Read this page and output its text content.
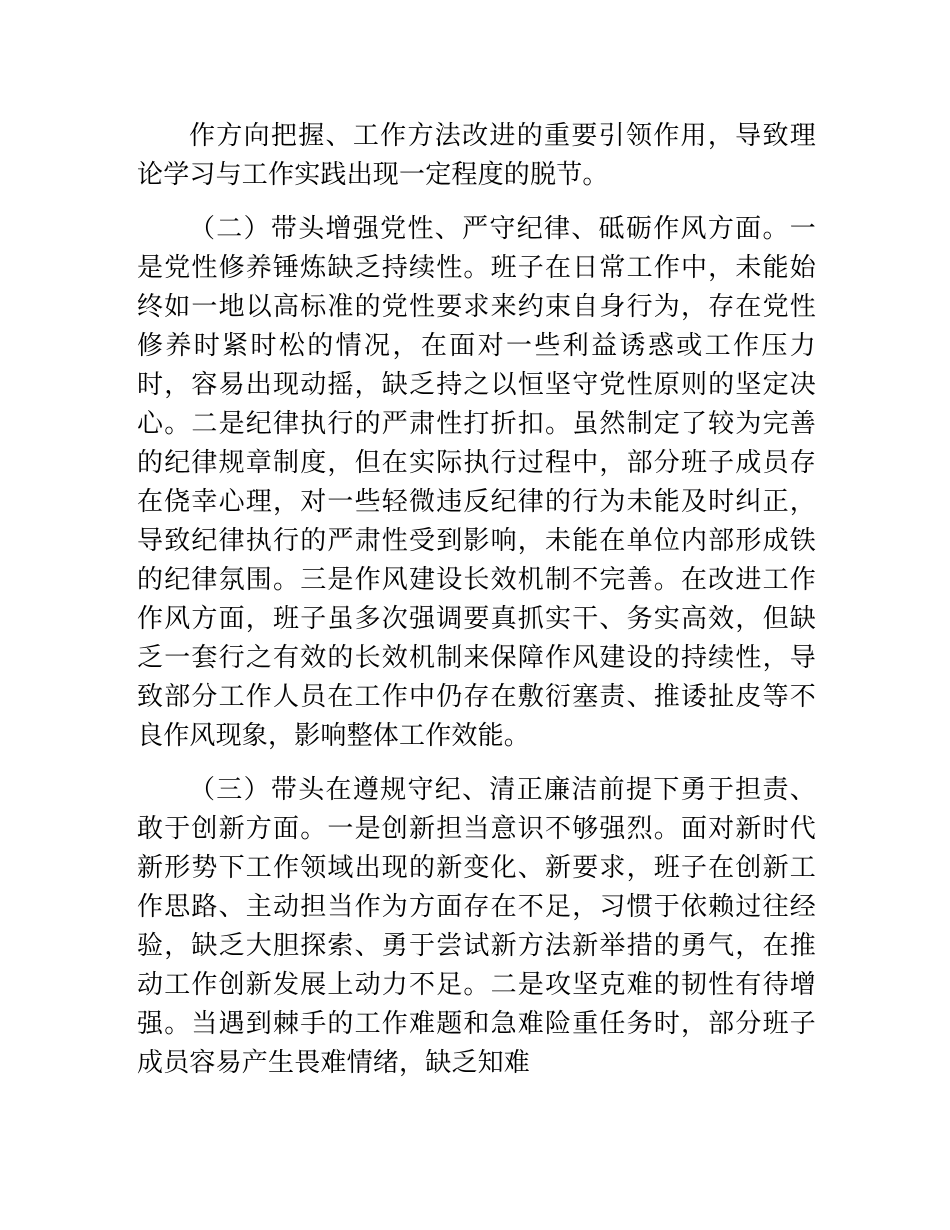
作方向把握、工作方法改进的重要引领作用，导致理论学习与工作实践出现一定程度的脱节。

（二）带头增强党性、严守纪律、砥砺作风方面。一是党性修养锤炼缺乏持续性。班子在日常工作中，未能始终如一地以高标准的党性要求来约束自身行为，存在党性修养时紧时松的情况，在面对一些利益诱惑或工作压力时，容易出现动摇，缺乏持之以恒坚守党性原则的坚定决心。二是纪律执行的严肃性打折扣。虽然制定了较为完善的纪律规章制度，但在实际执行过程中，部分班子成员存在侥幸心理，对一些轻微违反纪律的行为未能及时纠正，导致纪律执行的严肃性受到影响，未能在单位内部形成铁的纪律氛围。三是作风建设长效机制不完善。在改进工作作风方面，班子虽多次强调要真抓实干、务实高效，但缺乏一套行之有效的长效机制来保障作风建设的持续性，导致部分工作人员在工作中仍存在敷衍塞责、推诿扯皮等不良作风现象，影响整体工作效能。

（三）带头在遵规守纪、清正廉洁前提下勇于担责、敢于创新方面。一是创新担当意识不够强烈。面对新时代新形势下工作领域出现的新变化、新要求，班子在创新工作思路、主动担当作为方面存在不足，习惯于依赖过往经验，缺乏大胆探索、勇于尝试新方法新举措的勇气，在推动工作创新发展上动力不足。二是攻坚克难的韧性有待增强。当遇到棘手的工作难题和急难险重任务时，部分班子成员容易产生畏难情绪，缺乏知难
